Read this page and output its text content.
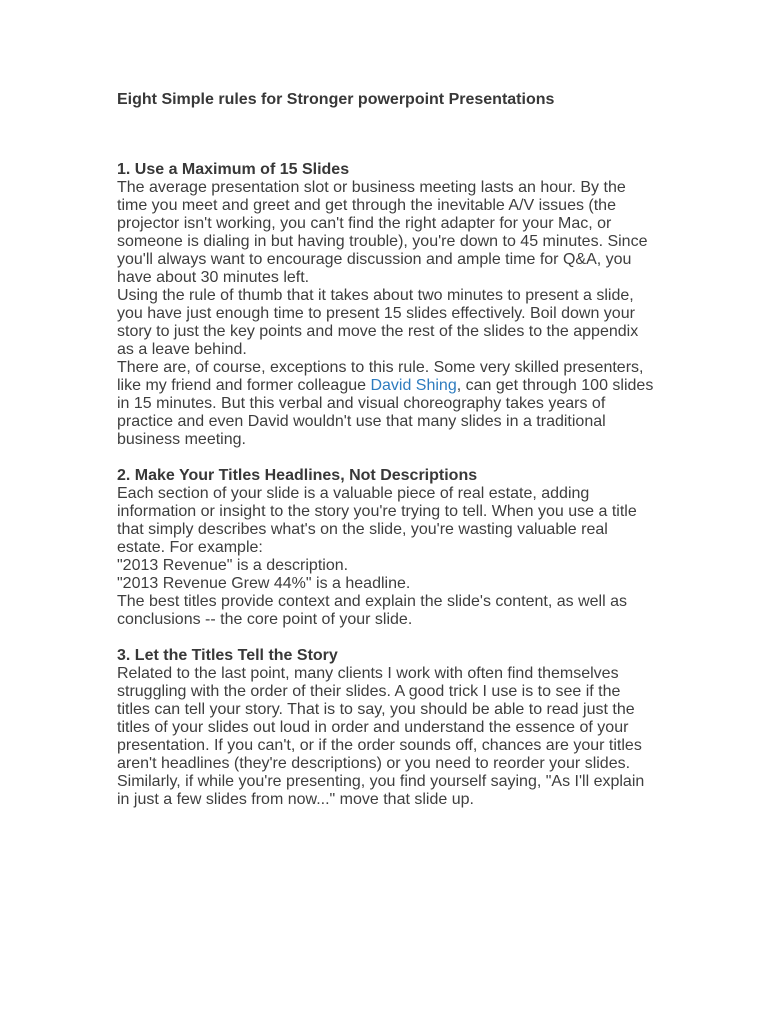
Eight Simple rules for Stronger powerpoint Presentations
1. Use a Maximum of 15 Slides

The average presentation slot or business meeting lasts an hour. By the time you meet and greet and get through the inevitable A/V issues (the projector isn't working, you can't find the right adapter for your Mac, or someone is dialing in but having trouble), you're down to 45 minutes. Since you'll always want to encourage discussion and ample time for Q&A, you have about 30 minutes left.

Using the rule of thumb that it takes about two minutes to present a slide, you have just enough time to present 15 slides effectively. Boil down your story to just the key points and move the rest of the slides to the appendix as a leave behind.

There are, of course, exceptions to this rule. Some very skilled presenters, like my friend and former colleague David Shing, can get through 100 slides in 15 minutes. But this verbal and visual choreography takes years of practice and even David wouldn't use that many slides in a traditional business meeting.

2. Make Your Titles Headlines, Not Descriptions

Each section of your slide is a valuable piece of real estate, adding information or insight to the story you're trying to tell. When you use a title that simply describes what's on the slide, you're wasting valuable real estate. For example:

"2013 Revenue" is a description.

"2013 Revenue Grew 44%" is a headline.

The best titles provide context and explain the slide's content, as well as conclusions -- the core point of your slide.

3. Let the Titles Tell the Story

Related to the last point, many clients I work with often find themselves struggling with the order of their slides. A good trick I use is to see if the titles can tell your story. That is to say, you should be able to read just the titles of your slides out loud in order and understand the essence of your presentation. If you can't, or if the order sounds off, chances are your titles aren't headlines (they're descriptions) or you need to reorder your slides.

Similarly, if while you're presenting, you find yourself saying, "As I'll explain in just a few slides from now..." move that slide up.
